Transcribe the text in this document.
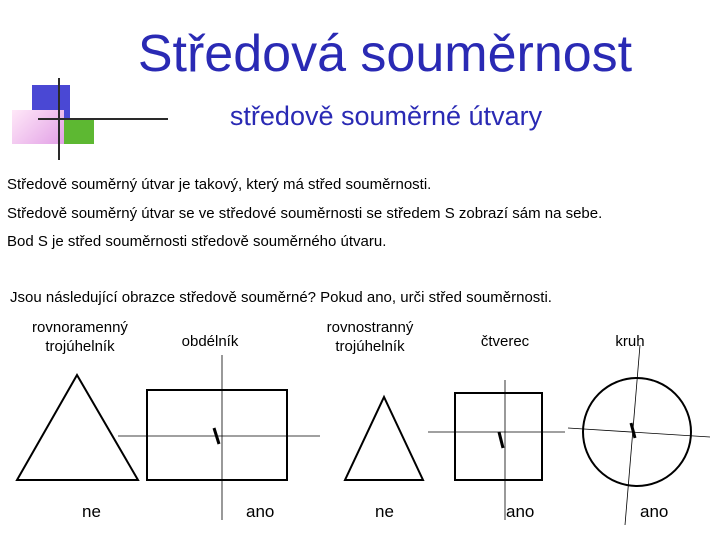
Středová souměrnost
středově souměrné útvary
Středově souměrný útvar je takový, který má střed souměrnosti.
Středově souměrný útvar se ve středové souměrnosti se středem S zobrazí sám na sebe.
Bod S je střed souměrnosti středově souměrného útvaru.
Jsou následující obrazce středově souměrné? Pokud ano, urči střed souměrnosti.
rovnoramenný
trojúhelník	obdélník
rovnostranný
trojúhelník	čtverec	kruh
ne	ano	ne	ano	ano
